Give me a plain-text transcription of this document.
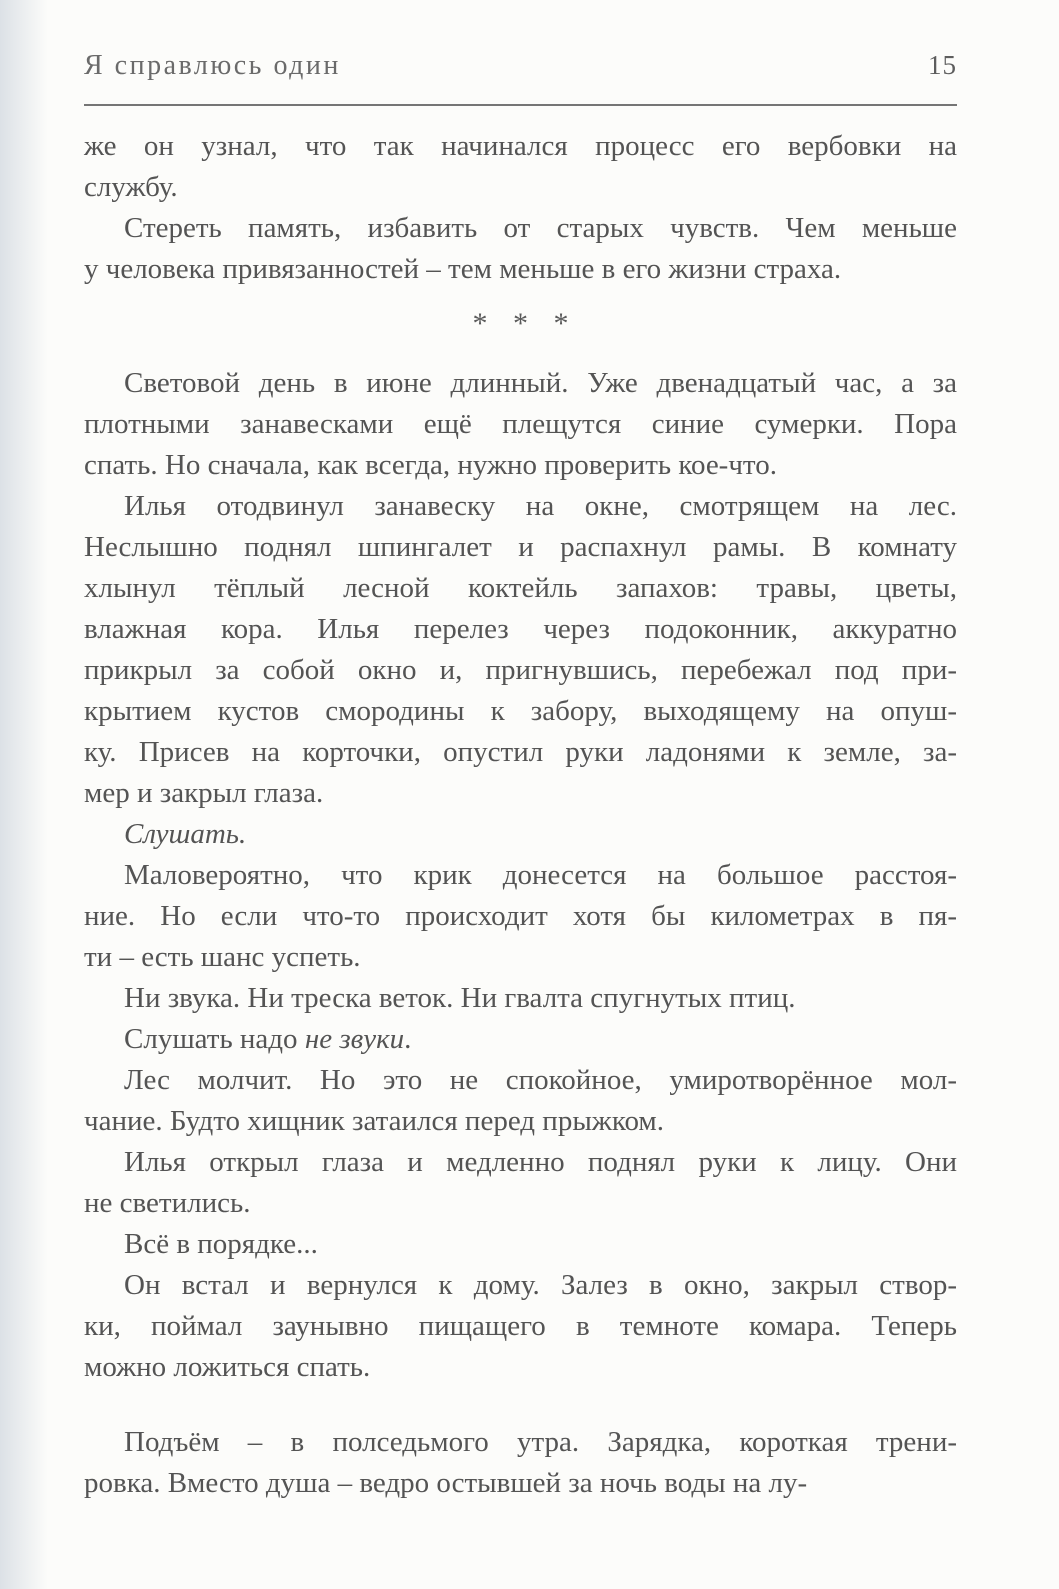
Я справлюсь один	15
же он узнал, что так начинался процесс его вербовки на
службу.
Стереть память, избавить от старых чувств. Чем меньше
у человека привязанностей – тем меньше в его жизни страха.
* * *
Световой день в июне длинный. Уже двенадцатый час, а за
плотными занавесками ещё плещутся синие сумерки. Пора
спать. Но сначала, как всегда, нужно проверить кое-что.
Илья отодвинул занавеску на окне, смотрящем на лес.
Неслышно поднял шпингалет и распахнул рамы. В комнату
хлынул тёплый лесной коктейль запахов: травы, цветы,
влажная кора. Илья перелез через подоконник, аккуратно
прикрыл за собой окно и, пригнувшись, перебежал под при-
крытием кустов смородины к забору, выходящему на опуш-
ку. Присев на корточки, опустил руки ладонями к земле, за-
мер и закрыл глаза.
Слушать.
Маловероятно, что крик донесется на большое расстоя-
ние. Но если что-то происходит хотя бы километрах в пя-
ти – есть шанс успеть.
Ни звука. Ни треска веток. Ни гвалта спугнутых птиц.
Слушать надо не звуки.
Лес молчит. Но это не спокойное, умиротворённое мол-
чание. Будто хищник затаился перед прыжком.
Илья открыл глаза и медленно поднял руки к лицу. Они
не светились.
Всё в порядке...
Он встал и вернулся к дому. Залез в окно, закрыл створ-
ки, поймал заунывно пищащего в темноте комара. Теперь
можно ложиться спать.
Подъём – в полседьмого утра. Зарядка, короткая трени-
ровка. Вместо душа – ведро остывшей за ночь воды на лу-
